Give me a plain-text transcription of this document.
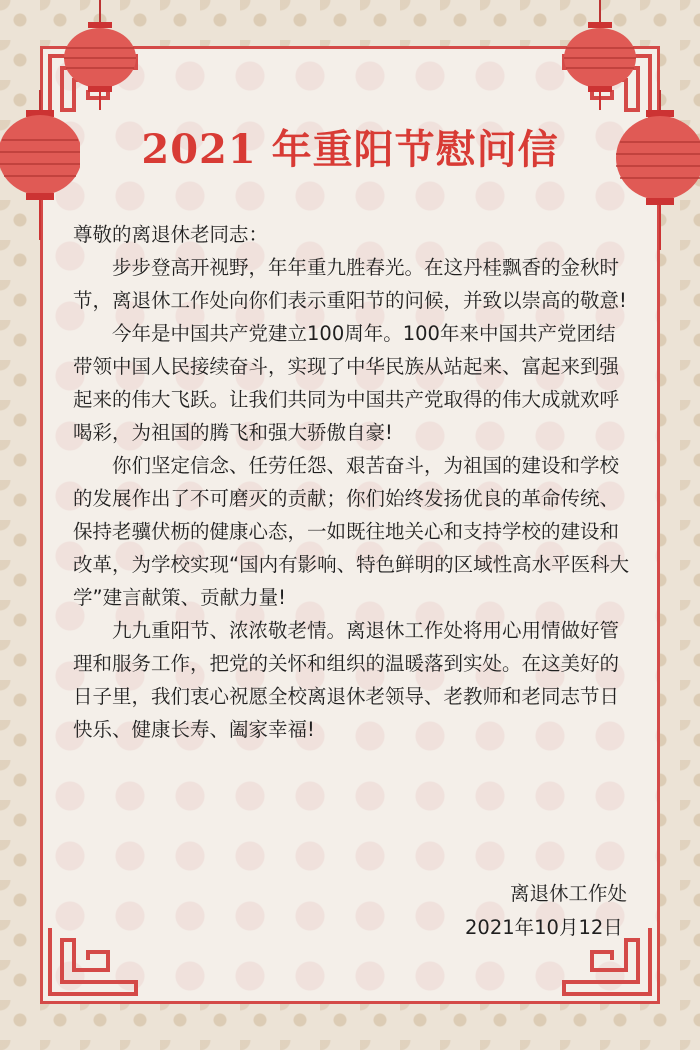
2021 年重阳节慰问信

尊敬的离退休老同志：

步步登高开视野，年年重九胜春光。在这丹桂飘香的金秋时节，离退休工作处向你们表示重阳节的问候，并致以崇高的敬意!

今年是中国共产党建立100周年。100年来中国共产党团结带领中国人民接续奋斗，实现了中华民族从站起来、富起来到强起来的伟大飞跃。让我们共同为中国共产党取得的伟大成就欢呼喝彩，为祖国的腾飞和强大骄傲自豪!

你们坚定信念、任劳任怨、艰苦奋斗，为祖国的建设和学校的发展作出了不可磨灭的贡献；你们始终发扬优良的革命传统、保持老骥伏枥的健康心态，一如既往地关心和支持学校的建设和改革，为学校实现“国内有影响、特色鲜明的区域性高水平医科大学”建言献策、贡献力量!

九九重阳节、浓浓敬老情。离退休工作处将用心用情做好管理和服务工作，把党的关怀和组织的温暖落到实处。在这美好的日子里，我们衷心祝愿全校离退休老领导、老教师和老同志节日快乐、健康长寿、阖家幸福!

离退休工作处
2021年10月12日
